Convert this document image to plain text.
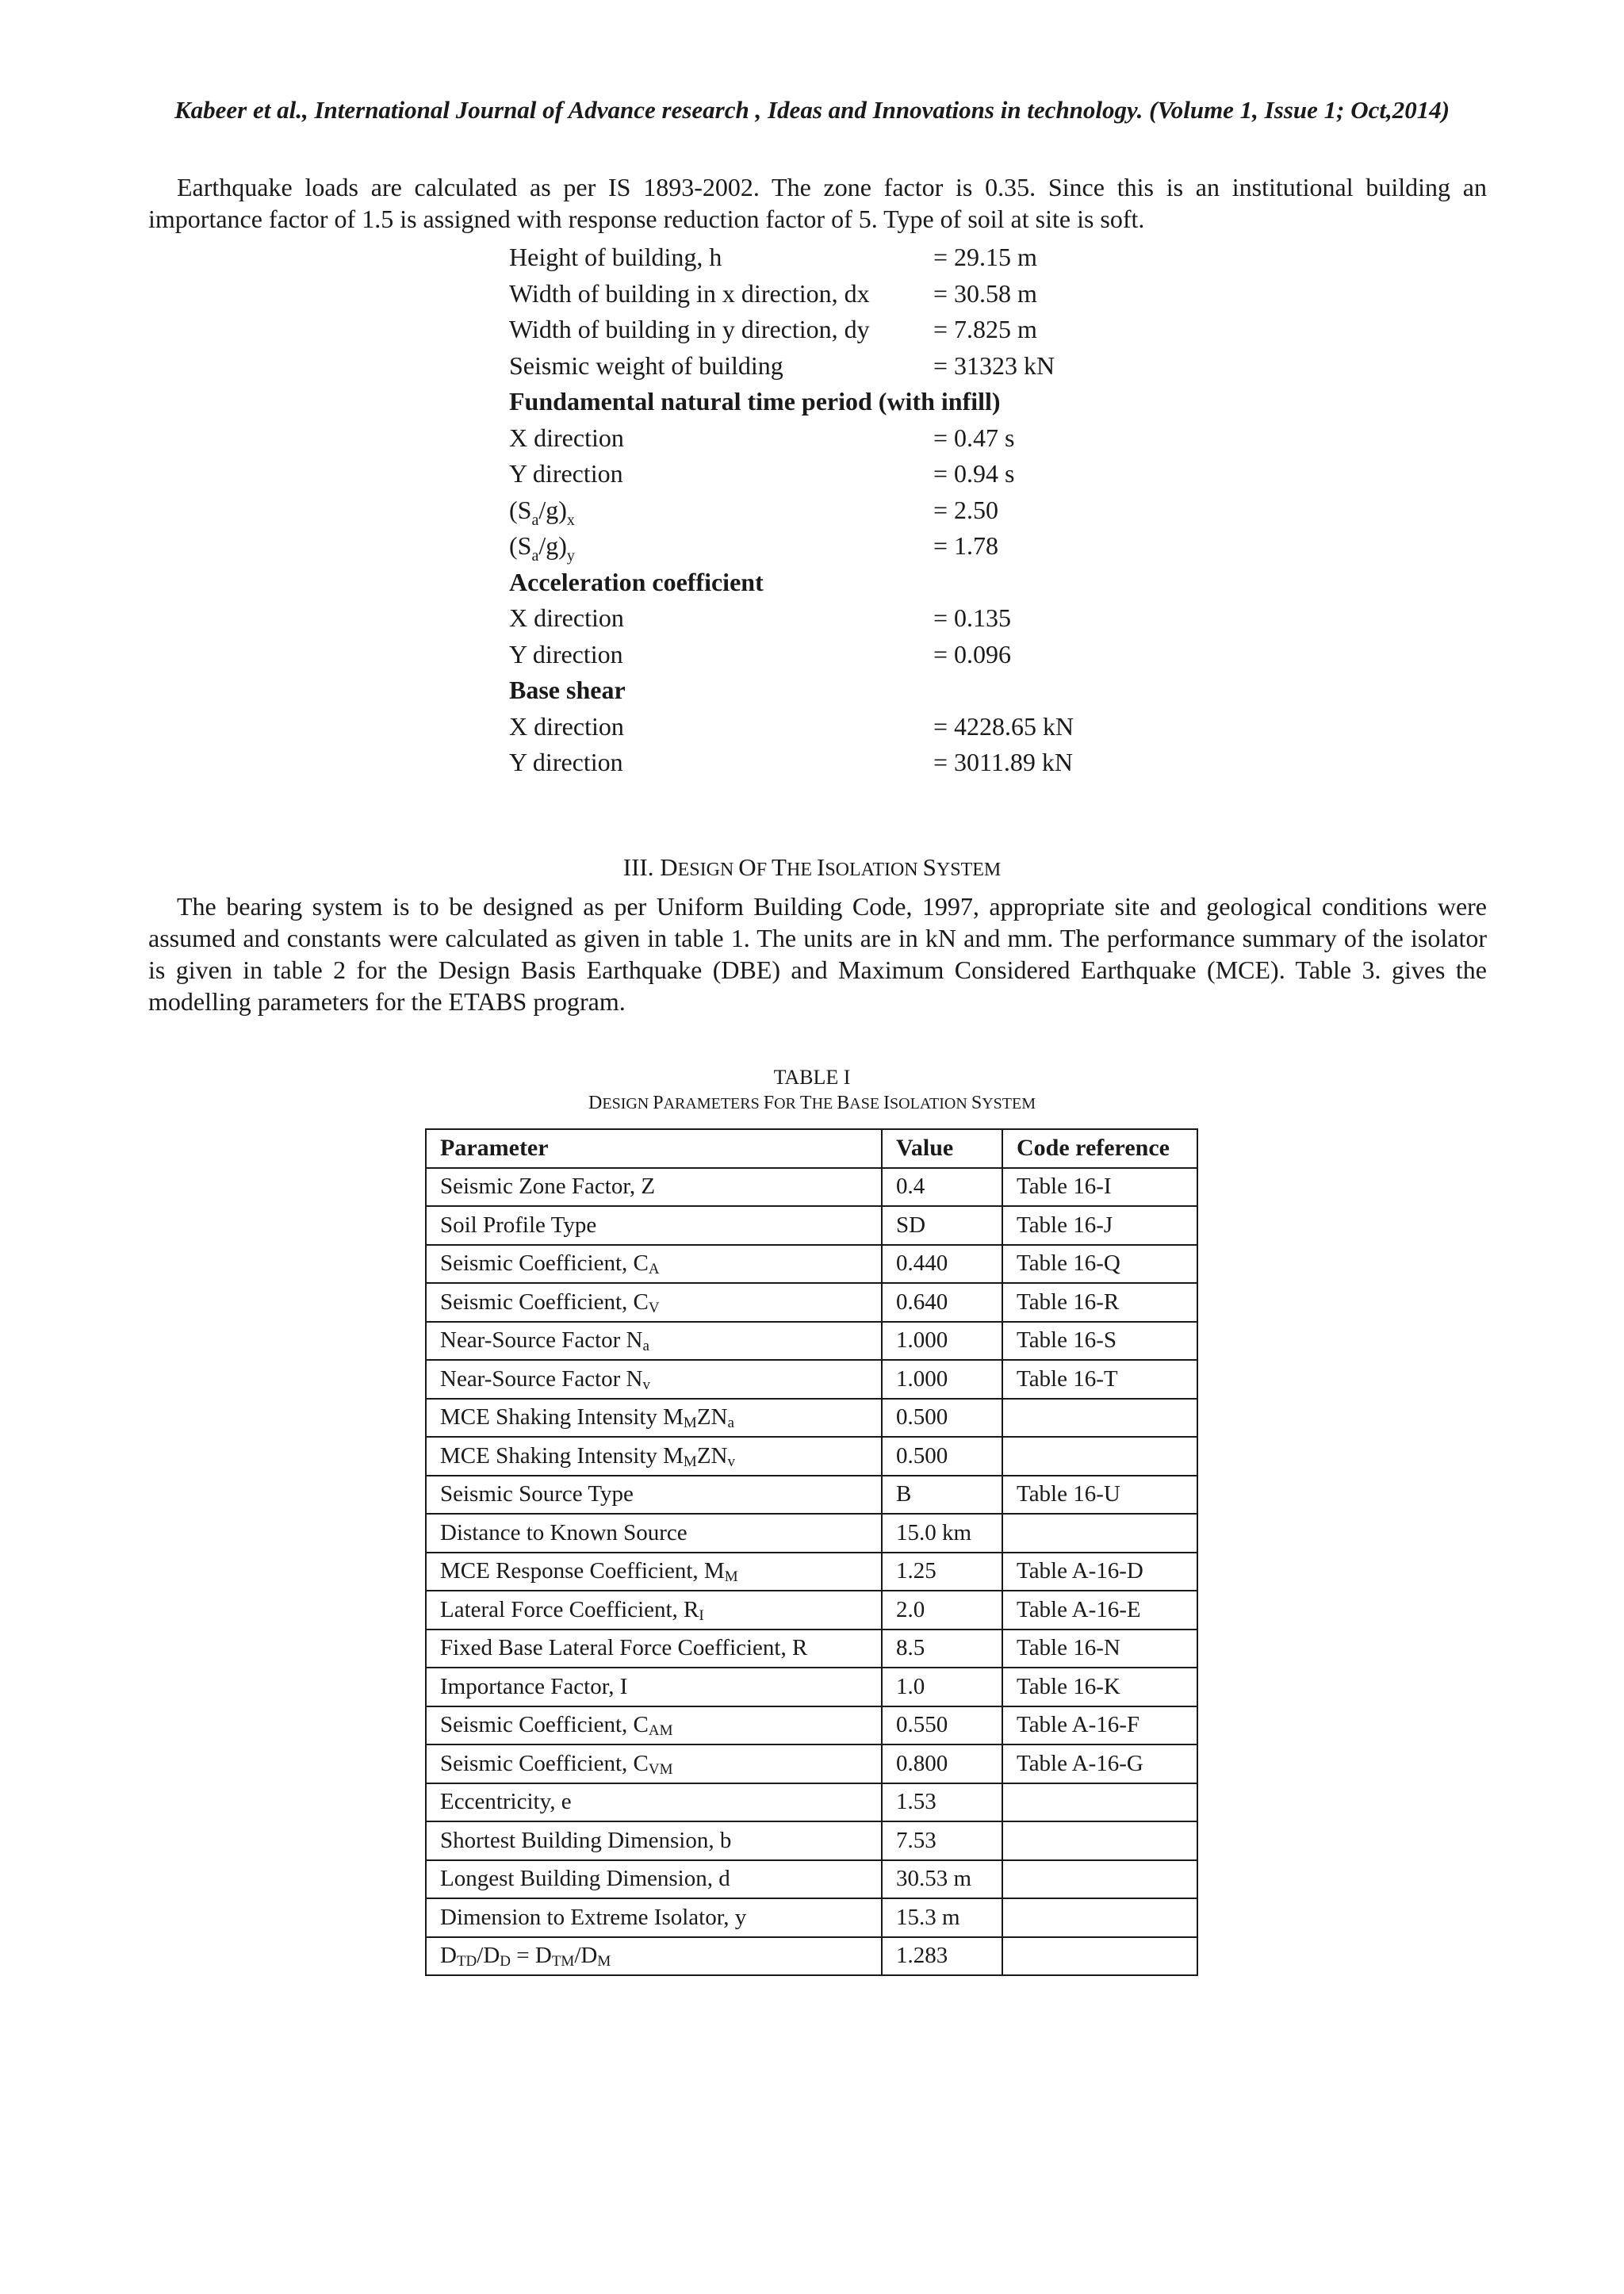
Kabeer et al., International Journal of Advance research , Ideas and Innovations in technology. (Volume 1, Issue 1; Oct,2014)

Earthquake loads are calculated as per IS 1893-2002. The zone factor is 0.35. Since this is an institutional building an importance factor of 1.5 is assigned with response reduction factor of 5. Type of soil at site is soft.

Height of building, h	= 29.15 m
Width of building in x direction, dx	= 30.58 m
Width of building in y direction, dy	= 7.825 m
Seismic weight of building	= 31323 kN
Fundamental natural time period (with infill)
X direction	= 0.47 s
Y direction	= 0.94 s
$(S_a/g)_x$	= 2.50
$(S_a/g)_y$	= 1.78
Acceleration coefficient
X direction	= 0.135
Y direction	= 0.096
Base shear
X direction	= 4228.65 kN
Y direction	= 3011.89 kN
III. DESIGN OF THE ISOLATION SYSTEM

The bearing system is to be designed as per Uniform Building Code, 1997, appropriate site and geological conditions were assumed and constants were calculated as given in table 1. The units are in kN and mm. The performance summary of the isolator is given in table 2 for the Design Basis Earthquake (DBE) and Maximum Considered Earthquake (MCE). Table 3. gives the modelling parameters for the ETABS program.

TABLE I
DESIGN PARAMETERS FOR THE BASE ISOLATION SYSTEM
Parameter	Value	Code reference
Seismic Zone Factor, Z	0.4	Table 16-I
Soil Profile Type	SD	Table 16-J
Seismic Coefficient, $C_A$	0.440	Table 16-Q
Seismic Coefficient, $C_V$	0.640	Table 16-R
Near-Source Factor $N_a$	1.000	Table 16-S
Near-Source Factor $N_v$	1.000	Table 16-T
MCE Shaking Intensity $M_MZN_a$	0.500	
MCE Shaking Intensity $M_MZN_v$	0.500	
Seismic Source Type	B	Table 16-U
Distance to Known Source	15.0 km	
MCE Response Coefficient, $M_M$	1.25	Table A-16-D
Lateral Force Coefficient, $R_I$	2.0	Table A-16-E
Fixed Base Lateral Force Coefficient, R	8.5	Table 16-N
Importance Factor, I	1.0	Table 16-K
Seismic Coefficient, $C_{AM}$	0.550	Table A-16-F
Seismic Coefficient, $C_{VM}$	0.800	Table A-16-G
Eccentricity, e	1.53	
Shortest Building Dimension, b	7.53	
Longest Building Dimension, d	30.53 m	
Dimension to Extreme Isolator, y	15.3 m	
$D_{TD}/D_D = D_{TM}/D_M$	1.283	
